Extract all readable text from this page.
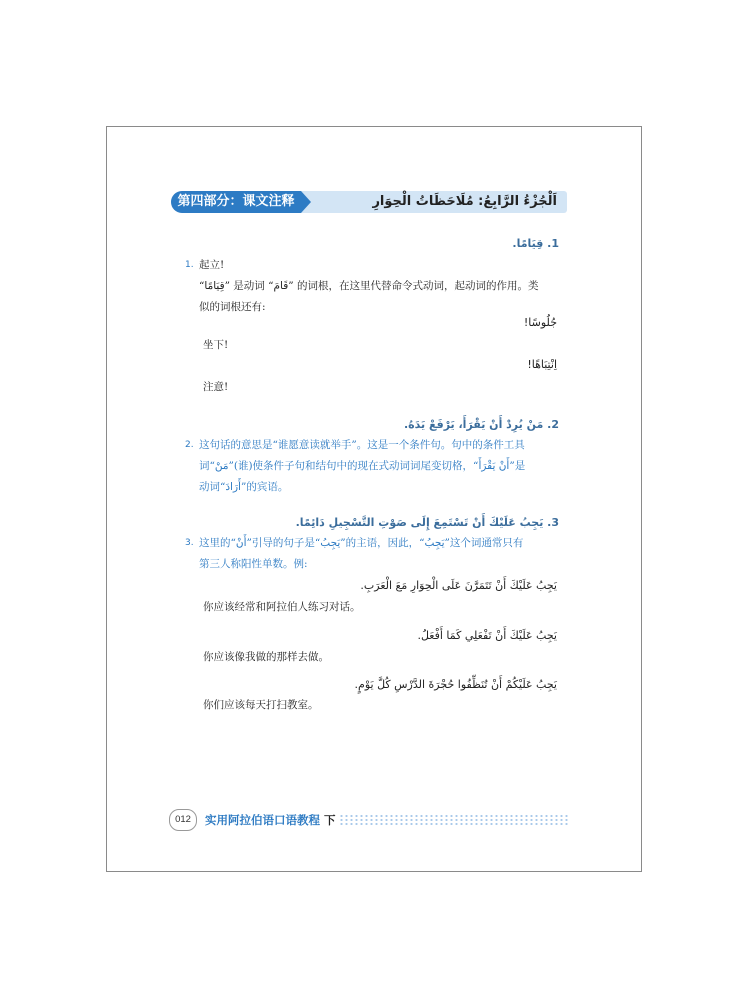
第四部分：课文注释	اَلْجُزْءُ الرَّابِعُ: مُلَاحَظَاتُ الْحِوَارِ
1. قِيَامًا.
1. 起立!
“قِيَامًا” 是动词 “قَامَ” 的词根，在这里代替命令式动词，起动词的作用。类
似的词根还有:
جُلُوسًا!
坐下!
اِنْتِبَاهًا!
注意!
2. مَنْ يُرِدْ أَنْ يَقْرَأَ، يَرْفَعْ يَدَهُ.
2. 这句话的意思是“谁愿意读就举手”。这是一个条件句。句中的条件工具
词“مَنْ”(谁)使条件子句和结句中的现在式动词词尾变切格，“أَنْ يَقْرَأَ”是
动词“أَرَادَ”的宾语。
3. يَجِبُ عَلَيْكَ أَنْ تَسْتَمِعَ إِلَى صَوْتِ التَّسْجِيلِ دَائِمًا.
3. 这里的“أَنْ”引导的句子是“يَجِبُ”的主语，因此，“يَجِبُ”这个词通常只有
第三人称阳性单数。例:
يَجِبُ عَلَيْكَ أَنْ تَتَمَرَّنَ عَلَى الْحِوَارِ مَعَ الْعَرَبِ.
你应该经常和阿拉伯人练习对话。
يَجِبُ عَلَيْكَ أَنْ تَفْعَلِي كَمَا أَفْعَلُ.
你应该像我做的那样去做。
يَجِبُ عَلَيْكُمْ أَنْ تُنَظِّفُوا حُجْرَةَ الدَّرْسِ كُلَّ يَوْمٍ.
你们应该每天打扫教室。
012	实用阿拉伯语口语教程 下
